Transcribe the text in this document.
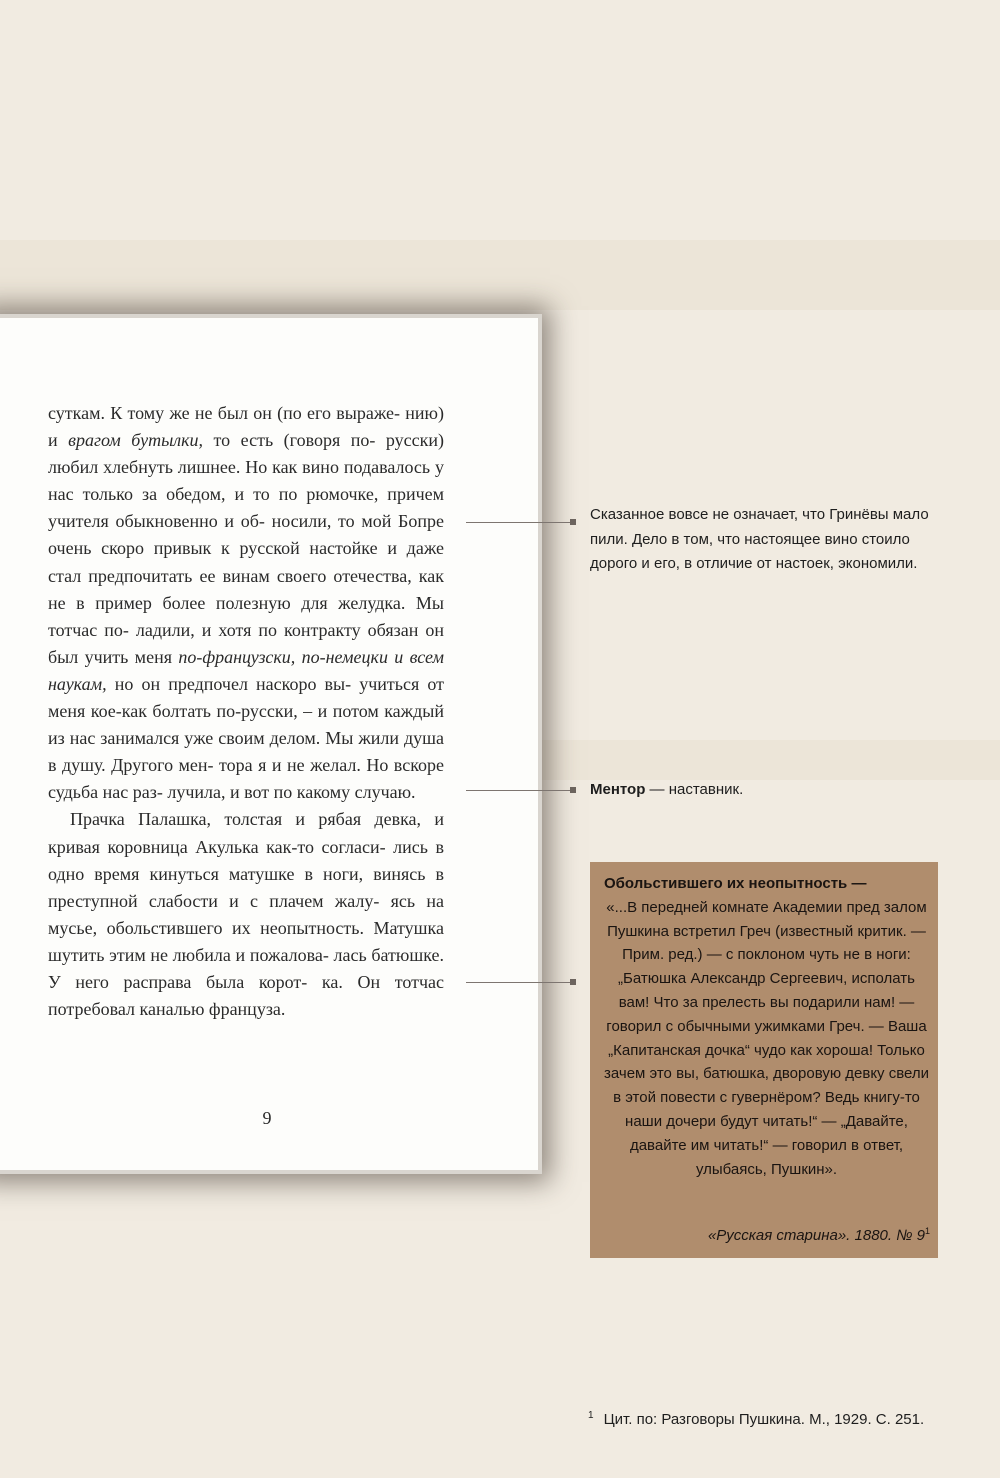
суткам. К тому же не был он (по его выраже- нию) и врагом бутылки, то есть (говоря по- русски) любил хлебнуть лишнее. Но как вино подавалось у нас только за обедом, и то по рюмочке, причем учителя обыкновенно и об- носили, то мой Бопре очень скоро привык к русской настойке и даже стал предпочитать ее винам своего отечества, как не в пример более полезную для желудка. Мы тотчас по- ладили, и хотя по контракту обязан он был учить меня по-французски, по-немецки и всем наукам, но он предпочел наскоро вы- учиться от меня кое-как болтать по-русски, – и потом каждый из нас занимался уже своим делом. Мы жили душа в душу. Другого мен- тора я и не желал. Но вскоре судьба нас раз- лучила, и вот по какому случаю.

Прачка Палашка, толстая и рябая девка, и кривая коровница Акулька как-то согласи- лись в одно время кинуться матушке в ноги, винясь в преступной слабости и с плачем жалу- ясь на мусье, обольстившего их неопытность. Матушка шутить этим не любила и пожалова- лась батюшке. У него расправа была корот- ка. Он тотчас потребовал каналью француза.

9
Сказанное вовсе не означает, что Гринёвы мало пили. Дело в том, что настоящее вино стоило дорого и его, в отличие от настоек, экономили.
Ментор — наставник.
Обольстившего их неопытность —
«...В передней комнате Академии пред залом Пушкина встретил Греч (известный критик. — Прим. ред.) — с поклоном чуть не в ноги: „Батюшка Александр Сергеевич, исполать вам! Что за прелесть вы подарили нам! — говорил с обычными ужимками Греч. — Ваша „Капитанская дочка“ чудо как хороша! Только зачем это вы, батюшка, дворовую девку свели в этой повести с гувернёром? Ведь книгу-то наши дочери будут читать!“ — „Давайте, давайте им читать!“ — говорил в ответ, улыбаясь, Пушкин».
«Русская старина». 1880. № $9^1$
$^1$ Цит. по: Разговоры Пушкина. М., 1929. С. 251.
